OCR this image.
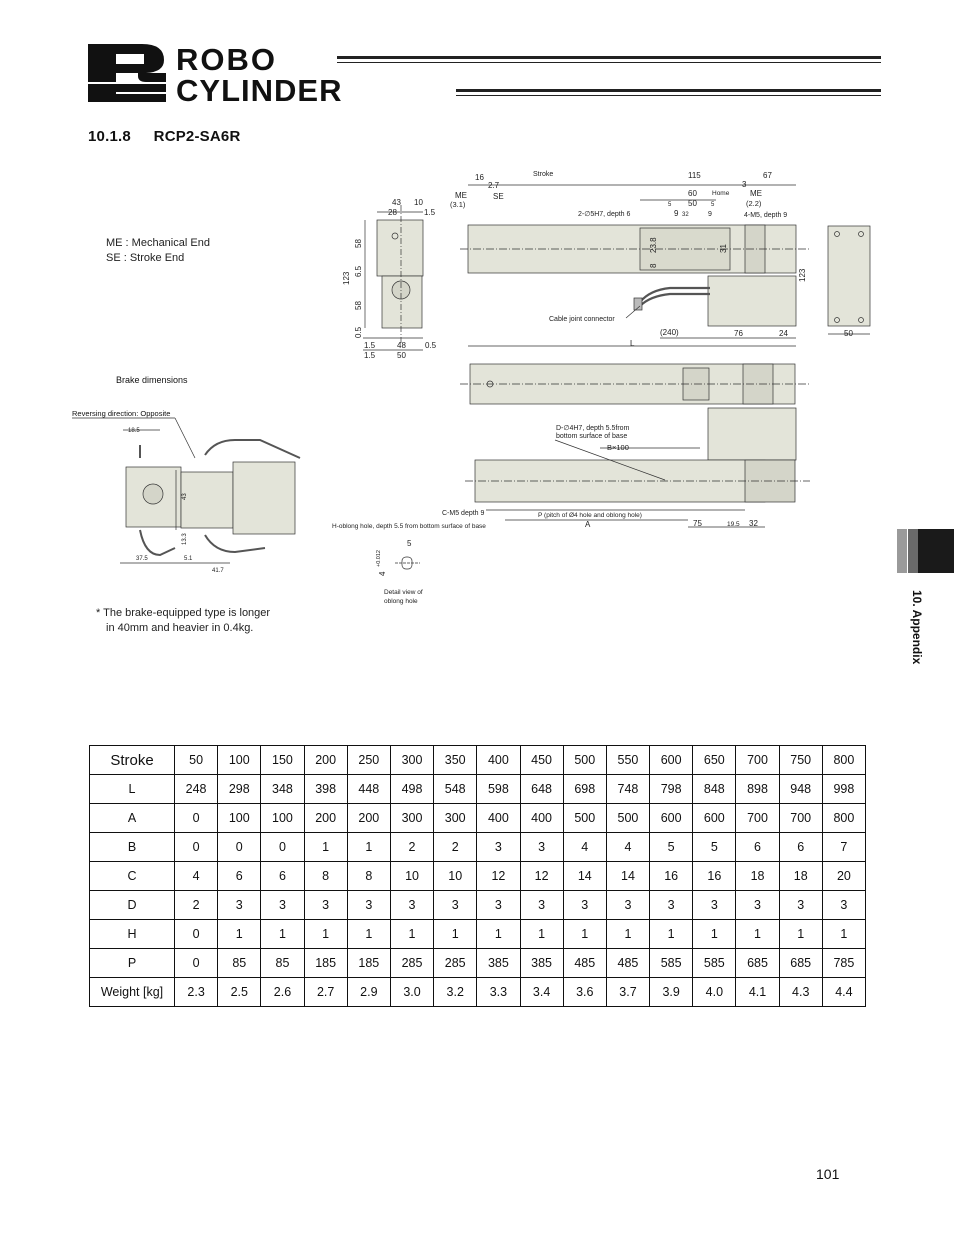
ROBO
CYLINDER
10.1.8 RCP2-SA6R
ME : Mechanical End
SE : Stroke End
Brake dimensions
Reversing direction: Opposite
* The brake-equipped type is longer
in 40mm and heavier in 0.4kg.
Stroke
16
2.7
ME
(3.1)
SE
115	67
3
60 Home	ME
(2.2)
50
5	5
9 32	9
2-∅5H7, depth 6	4-M5, depth 9
43 10
28	1.5
58
6.5
123
58
0.5
1.5	48 0.5
1.5	50
23.8	31
8
Cable joint connector
(240)	76	24
123
50
L
D-∅4H7, depth 5.5from
bottom surface of base
B×100
C-M5 depth 9	P (pitch of Ø4 hole and oblong hole)
H-oblong hole, depth 5.5 from bottom surface of base	A	75	19.5 32
18.5
43
13.3
37.5	5.1
41.7
5
4
+0.012
Detail view of
oblong hole	10. Appendix
Stroke	50	100	150	200	250	300	350	400	450	500	550	600	650	700	750	800
L	248	298	348	398	448	498	548	598	648	698	748	798	848	898	948	998
A	0	100	100	200	200	300	300	400	400	500	500	600	600	700	700	800
B	0	0	0	1	1	2	2	3	3	4	4	5	5	6	6	7
C	4	6	6	8	8	10	10	12	12	14	14	16	16	18	18	20
D	2	3	3	3	3	3	3	3	3	3	3	3	3	3	3	3
H	0	1	1	1	1	1	1	1	1	1	1	1	1	1	1	1
P	0	85	85	185	185	285	285	385	385	485	485	585	585	685	685	785
Weight [kg]	2.3	2.5	2.6	2.7	2.9	3.0	3.2	3.3	3.4	3.6	3.7	3.9	4.0	4.1	4.3	4.4
101
